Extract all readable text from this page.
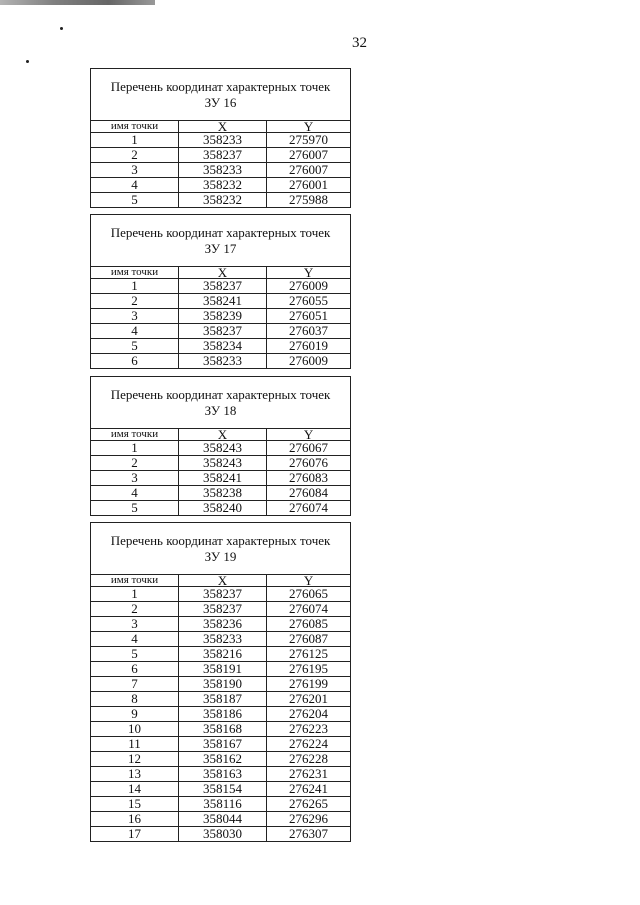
32
Перечень координат характерных точек
ЗУ 16		

имя точки	X	Y
1	358233	275970
2	358237	276007
3	358233	276007
4	358232	276001
5	358232	275988
Перечень координат характерных точек
ЗУ 17		

имя точки	X	Y
1	358237	276009
2	358241	276055
3	358239	276051
4	358237	276037
5	358234	276019
6	358233	276009
Перечень координат характерных точек
ЗУ 18		

имя точки	X	Y
1	358243	276067
2	358243	276076
3	358241	276083
4	358238	276084
5	358240	276074
Перечень координат характерных точек
ЗУ 19		

имя точки	X	Y
1	358237	276065
2	358237	276074
3	358236	276085
4	358233	276087
5	358216	276125
6	358191	276195
7	358190	276199
8	358187	276201
9	358186	276204
10	358168	276223
11	358167	276224
12	358162	276228
13	358163	276231
14	358154	276241
15	358116	276265
16	358044	276296
17	358030	276307
